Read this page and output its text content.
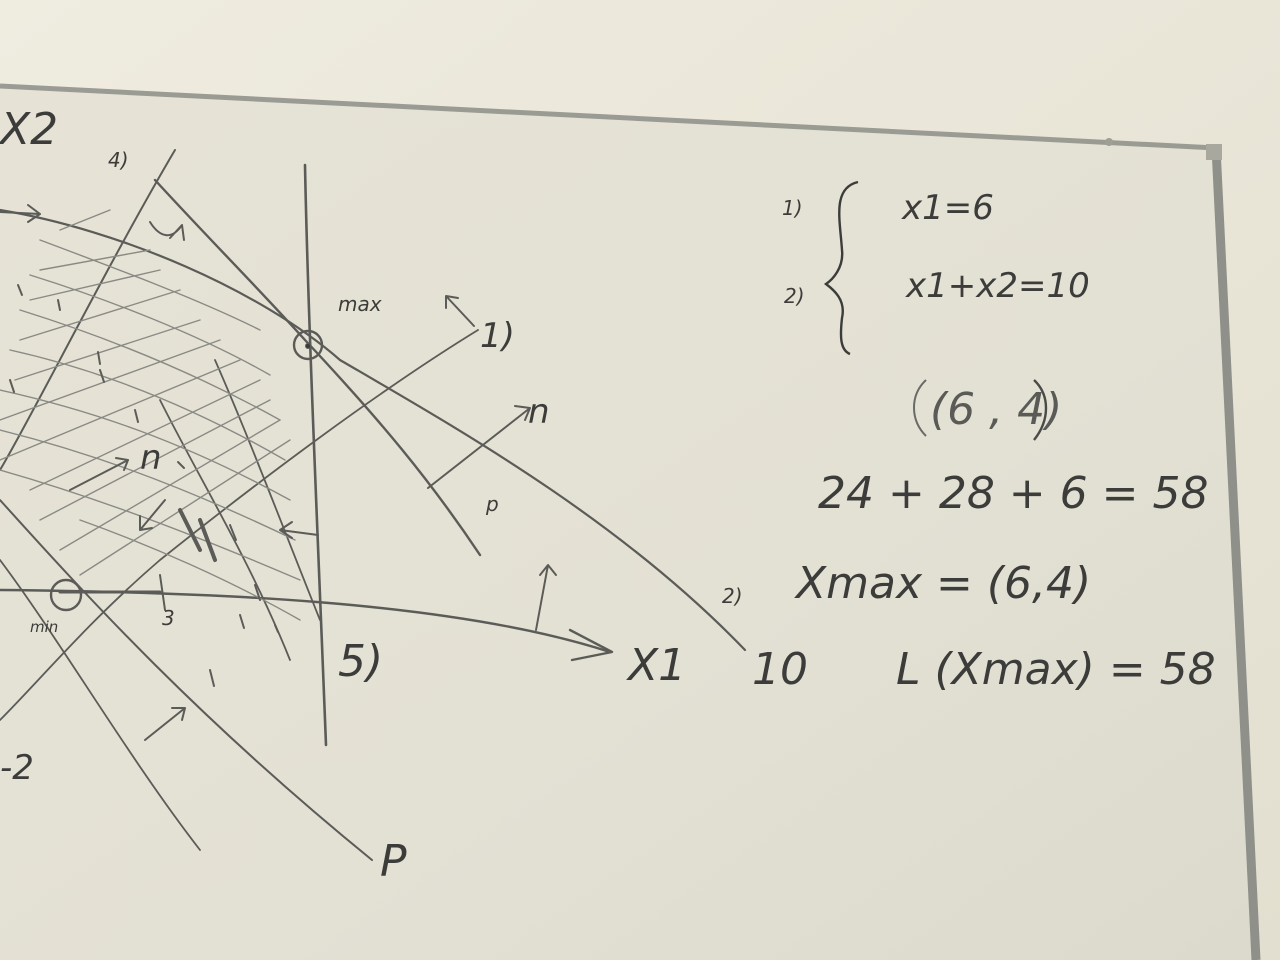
X2
X1
max
min
n
n
p
P
3
-2
10
1)
2)
4)
5)
1)	x1=6
2)	x1+x2=10
(6 , 4)
24 + 28 + 6 = 58
Xmax = (6,4)
L (Xmax) = 58
